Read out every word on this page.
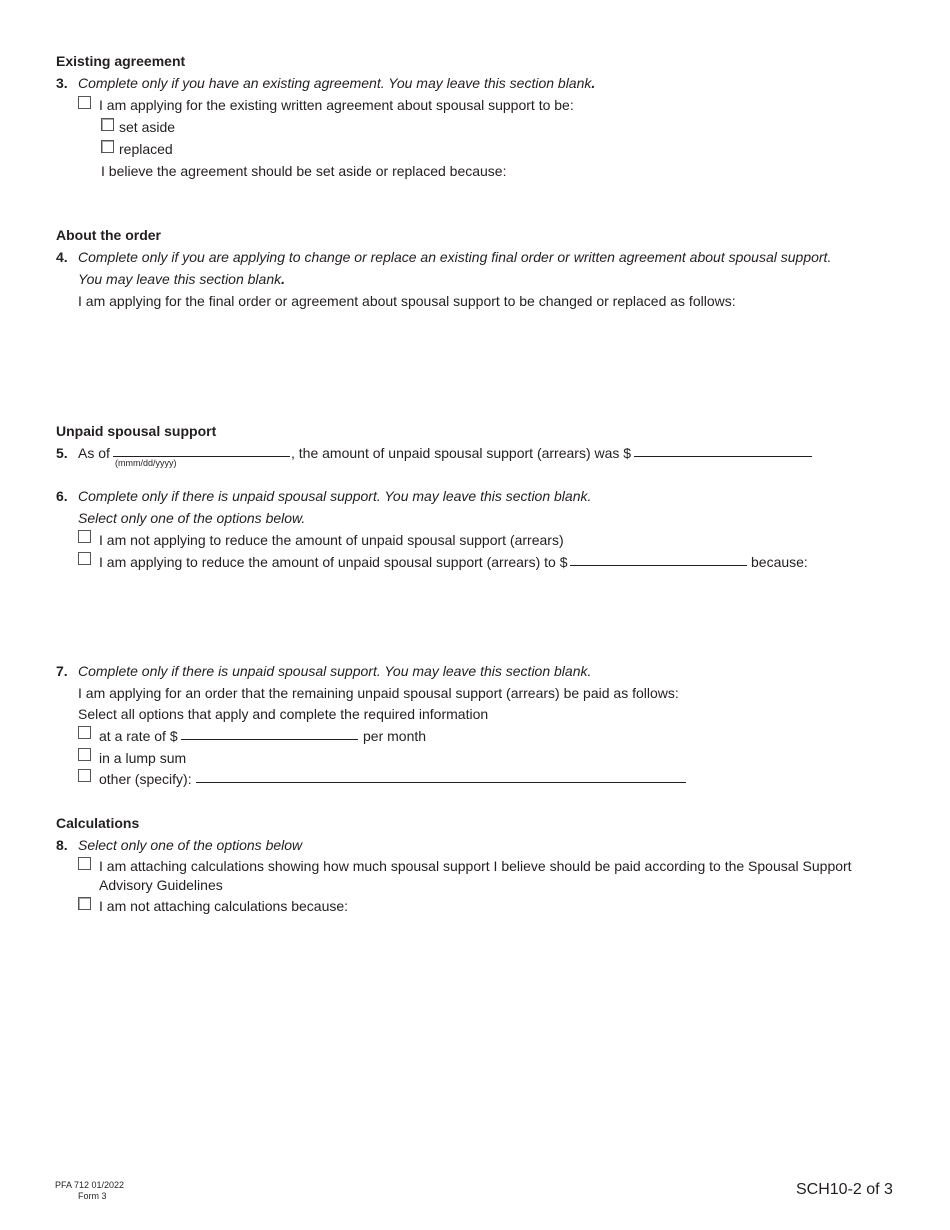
Existing agreement
3. Complete only if you have an existing agreement. You may leave this section blank.
I am applying for the existing written agreement about spousal support to be:
set aside
replaced
I believe the agreement should be set aside or replaced because:
About the order
4. Complete only if you are applying to change or replace an existing final order or written agreement about spousal support.
You may leave this section blank.
I am applying for the final order or agreement about spousal support to be changed or replaced as follows:
Unpaid spousal support
5. As of
(mmm/dd/yyyy)
, the amount of unpaid spousal support (arrears) was $
6. Complete only if there is unpaid spousal support. You may leave this section blank.
Select only one of the options below.
I am not applying to reduce the amount of unpaid spousal support (arrears)
I am applying to reduce the amount of unpaid spousal support (arrears) to $	because:
7. Complete only if there is unpaid spousal support. You may leave this section blank.
I am applying for an order that the remaining unpaid spousal support (arrears) be paid as follows:
Select all options that apply and complete the required information
at a rate of $	per month
in a lump sum
other (specify):
Calculations
8. Select only one of the options below
I am attaching calculations showing how much spousal support I believe should be paid according to the Spousal Support
Advisory Guidelines
I am not attaching calculations because:
PFA 712 01/2022
Form 3	SCH10-2 of 3
